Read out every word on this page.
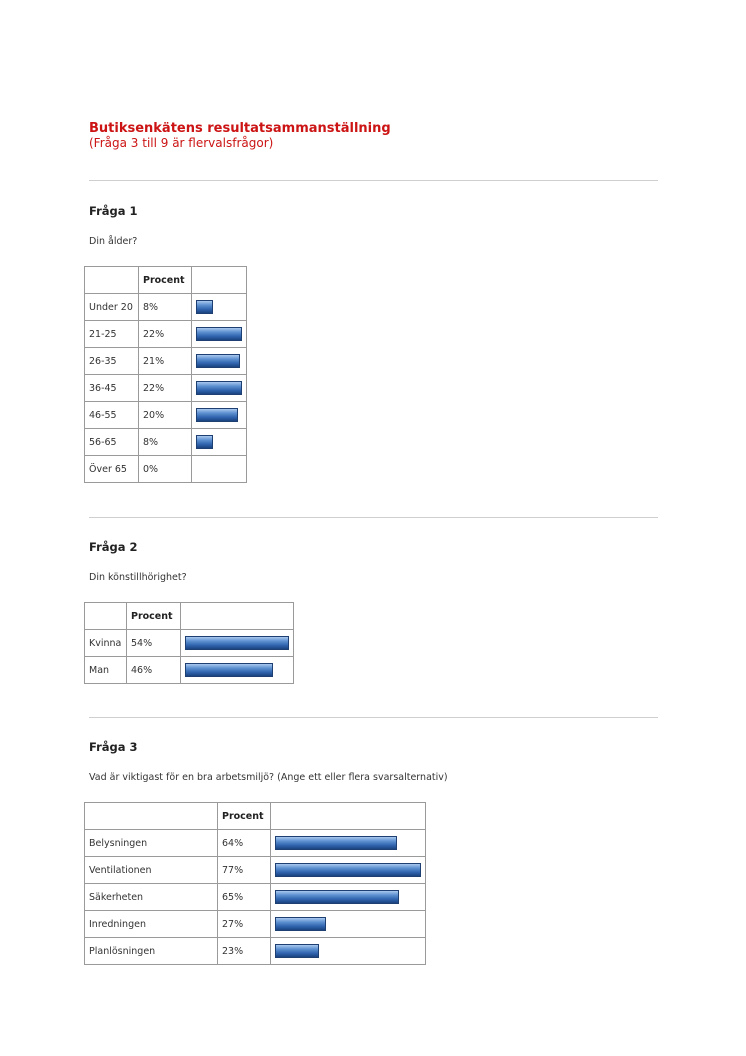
Butiksenkätens resultatsammanställning
(Fråga 3 till 9 är flervalsfrågor)
Fråga 1
Din ålder?
	Procent	
Under 20	8%	

21-25	22%	

26-35	21%	

36-45	22%	

46-55	20%	

56-65	8%	

Över 65	0%	
Fråga 2
Din könstillhörighet?
	Procent	
Kvinna	54%	

Man	46%	
Fråga 3
Vad är viktigast för en bra arbetsmiljö? (Ange ett eller flera svarsalternativ)
	Procent	
Belysningen	64%	

Ventilationen	77%	

Säkerheten	65%	

Inredningen	27%	

Planlösningen	23%	
